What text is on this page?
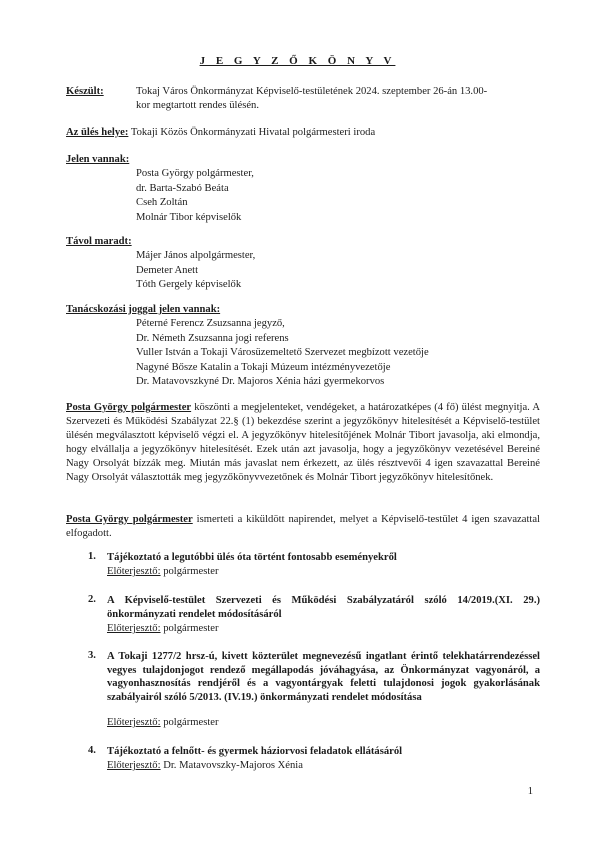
J E G Y Z Ő K Ö N Y V
Készült:	Tokaj Város Önkormányzat Képviselő-testületének 2024. szeptember 26-án 13.00-
kor megtartott rendes ülésén.
Az ülés helye: Tokaji Közös Önkormányzati Hivatal polgármesteri iroda
Jelen vannak:
Posta György polgármester,
dr. Barta-Szabó Beáta
Cseh Zoltán
Molnár Tibor képviselők
Távol maradt:
Májer János alpolgármester,
Demeter Anett
Tóth Gergely képviselők
Tanácskozási joggal jelen vannak:
Péterné Ferencz Zsuzsanna jegyző,
Dr. Németh Zsuzsanna jogi referens
Vuller István a Tokaji Városüzemeltető Szervezet megbízott vezetője
Nagyné Bősze Katalin a Tokaji Múzeum intézményvezetője
Dr. Matavovszkyné Dr. Majoros Xénia házi gyermekorvos

Posta György polgármester köszönti a megjelenteket, vendégeket, a határozatképes (4 fő) ülést megnyitja. A Szervezeti és Működési Szabályzat 22.§ (1) bekezdése szerint a jegyzőkönyv hitelesítését a Képviselő-testület ülésén megválasztott képviselő végzi el. A jegyzőkönyv hitelesítőjének Molnár Tibort javasolja, aki elmondja, hogy elvállalja a jegyzőkönyv hitelesítését. Ezek után azt javasolja, hogy a jegyzőkönyv vezetésével Bereiné Nagy Orsolyát bízzák meg. Miután más javaslat nem érkezett, az ülés résztvevői 4 igen szavazattal Bereiné Nagy Orsolyát választották meg jegyzőkönyvvezetőnek és Molnár Tibort jegyzőkönyv hitelesítőnek.

Posta György polgármester ismerteti a kiküldött napirendet, melyet a Képviselő-testület 4 igen szavazattal elfogadott.

1. Tájékoztató a legutóbbi ülés óta történt fontosabb eseményekről
Előterjesztő: polgármester
2. A Képviselő-testület Szervezeti és Működési Szabályzatáról szóló 14/2019.(XI. 29.) önkormányzati rendelet módosításáról
Előterjesztő: polgármester
3. A Tokaji 1277/2 hrsz-ú, kivett közterület megnevezésű ingatlant érintő telekhatárrendezéssel vegyes tulajdonjogot rendező megállapodás jóváhagyása, az Önkormányzat vagyonáról, a vagyonhasznosítás rendjéről és a vagyontárgyak feletti tulajdonosi jogok gyakorlásának szabályairól szóló 5/2013. (IV.19.) önkormányzati rendelet módosítása
Előterjesztő: polgármester
4. Tájékoztató a felnőtt- és gyermek háziorvosi feladatok ellátásáról
Előterjesztő: Dr. Matavovszky-Majoros Xénia
1
